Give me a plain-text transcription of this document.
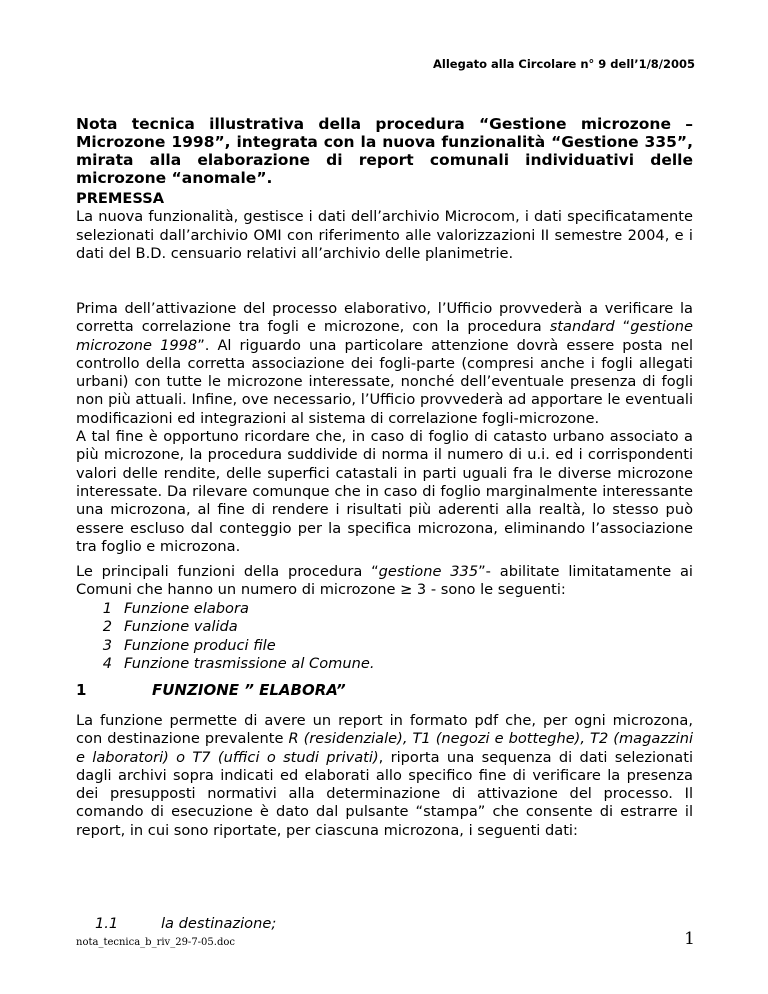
Allegato alla Circolare n° 9 dell’1/8/2005
Nota tecnica illustrativa della procedura “Gestione microzone – Microzone 1998”, integrata con la nuova funzionalità “Gestione 335”, mirata alla elaborazione di report comunali individuativi delle microzone “anomale”.

PREMESSA

La nuova funzionalità, gestisce i dati dell’archivio Microcom, i dati specificatamente selezionati dall’archivio OMI con riferimento alle valorizzazioni II semestre 2004, e i dati del B.D. censuario relativi all’archivio delle planimetrie.

Prima dell’attivazione del processo elaborativo, l’Ufficio provvederà a verificare la corretta correlazione tra fogli e microzone, con la procedura standard “gestione microzone 1998”. Al riguardo una particolare attenzione dovrà essere posta nel controllo della corretta associazione dei fogli-parte (compresi anche i fogli allegati urbani) con tutte le microzone interessate, nonché dell’eventuale presenza di fogli non più attuali. Infine, ove necessario, l’Ufficio provvederà ad apportare le eventuali modificazioni ed integrazioni al sistema di correlazione fogli-microzone.

A tal fine è opportuno ricordare che, in caso di foglio di catasto urbano associato a più microzone, la procedura suddivide di norma il numero di u.i. ed i corrispondenti valori delle rendite, delle superfici catastali in parti uguali fra le diverse microzone interessate. Da rilevare comunque che in caso di foglio marginalmente interessante una microzona, al fine di rendere i risultati più aderenti alla realtà, lo stesso può essere escluso dal conteggio per la specifica microzona, eliminando l’associazione tra foglio e microzona.

Le principali funzioni della procedura “gestione 335”- abilitate limitatamente ai Comuni che hanno un numero di microzone ≥ 3 - sono le seguenti:

1 Funzione elabora
2 Funzione valida
3 Funzione produci file
4 Funzione trasmissione al Comune.
1	FUNZIONE ” ELABORA”

La funzione permette di avere un report in formato pdf che, per ogni microzona, con destinazione prevalente R (residenziale), T1 (negozi e botteghe), T2 (magazzini e laboratori) o T7 (uffici o studi privati), riporta una sequenza di dati selezionati dagli archivi sopra indicati ed elaborati allo specifico fine di verificare la presenza dei presupposti normativi alla determinazione di attivazione del processo. Il comando di esecuzione è dato dal pulsante “stampa” che consente di estrarre il report, in cui sono riportate, per ciascuna microzona, i seguenti dati:

1.1	la destinazione;
nota_tecnica_b_riv_29-7-05.doc	1
